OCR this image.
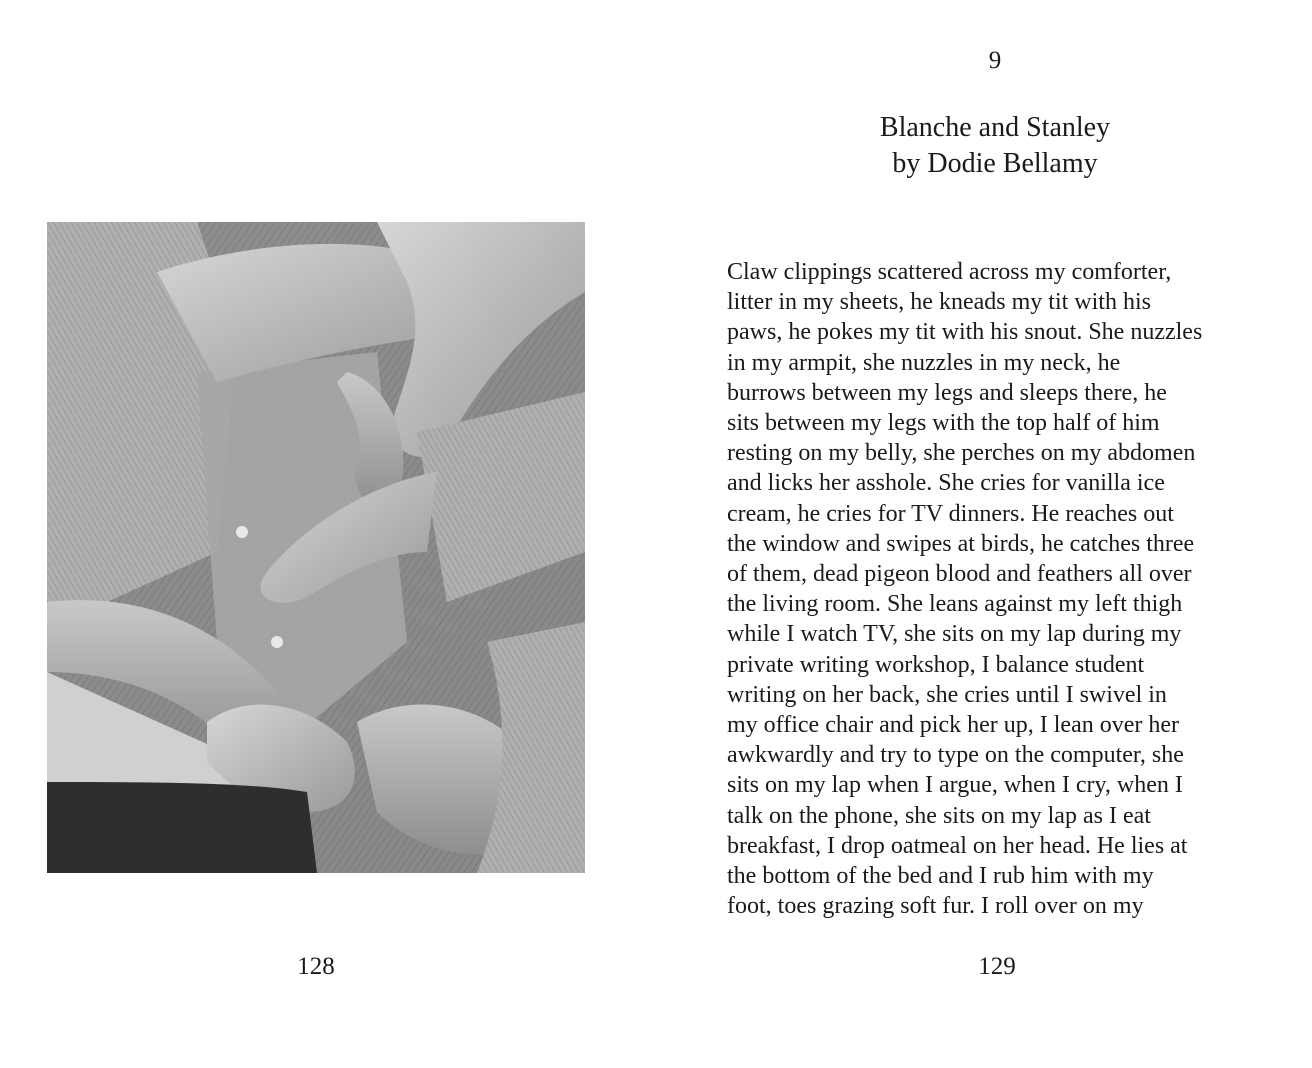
128
9
Blanche and Stanley
by Dodie Bellamy
Claw clippings scattered across my comforter,
litter in my sheets, he kneads my tit with his
paws, he pokes my tit with his snout. She nuzzles
in my armpit, she nuzzles in my neck, he
burrows between my legs and sleeps there, he
sits between my legs with the top half of him
resting on my belly, she perches on my abdomen
and licks her asshole. She cries for vanilla ice
cream, he cries for TV dinners. He reaches out
the window and swipes at birds, he catches three
of them, dead pigeon blood and feathers all over
the living room. She leans against my left thigh
while I watch TV, she sits on my lap during my
private writing workshop, I balance student
writing on her back, she cries until I swivel in
my office chair and pick her up, I lean over her
awkwardly and try to type on the computer, she
sits on my lap when I argue, when I cry, when I
talk on the phone, she sits on my lap as I eat
breakfast, I drop oatmeal on her head. He lies at
the bottom of the bed and I rub him with my
foot, toes grazing soft fur. I roll over on my
129
